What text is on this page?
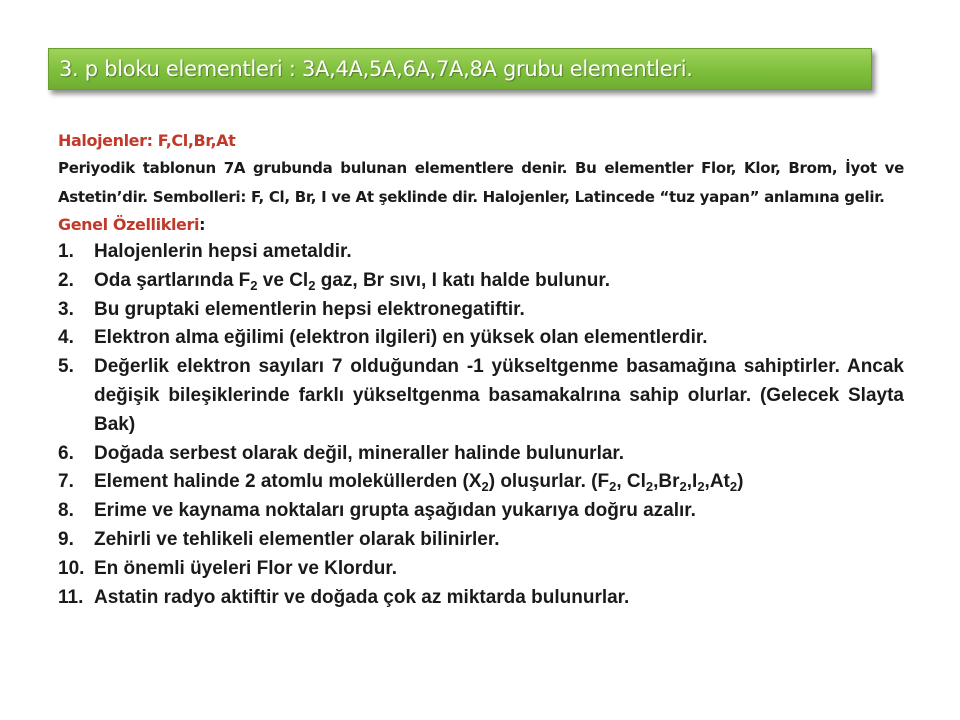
3. p bloku elementleri : 3A,4A,5A,6A,7A,8A grubu elementleri.
Halojenler: F,Cl,Br,At

Periyodik tablonun 7A grubunda bulunan elementlere denir. Bu elementler Flor, Klor, Brom, İyot ve Astetin’dir. Sembolleri: F, Cl, Br, I ve At şeklinde dir. Halojenler, Latincede “tuz yapan” anlamına gelir.

Genel Özellikleri:
1. Halojenlerin hepsi ametaldir.
2. Oda şartlarında $F_2$ ve $Cl_2$ gaz, Br sıvı, I katı halde bulunur.
3. Bu gruptaki elementlerin hepsi elektronegatiftir.
4. Elektron alma eğilimi (elektron ilgileri) en yüksek olan elementlerdir.
5. Değerlik elektron sayıları 7 olduğundan -1 yükseltgenme basamağına sahiptirler. Ancak değişik bileşiklerinde farklı yükseltgenma basamakalrına sahip olurlar. (Gelecek Slayta Bak)
6. Doğada serbest olarak değil, mineraller halinde bulunurlar.
7. Element halinde 2 atomlu moleküllerden $(X_2)$ oluşurlar. ($F_2$, $Cl_2,Br_2,I_2,At_2$)
8. Erime ve kaynama noktaları grupta aşağıdan yukarıya doğru azalır.
9. Zehirli ve tehlikeli elementler olarak bilinirler.
10. En önemli üyeleri Flor ve Klordur.
11. Astatin radyo aktiftir ve doğada çok az miktarda bulunurlar.
